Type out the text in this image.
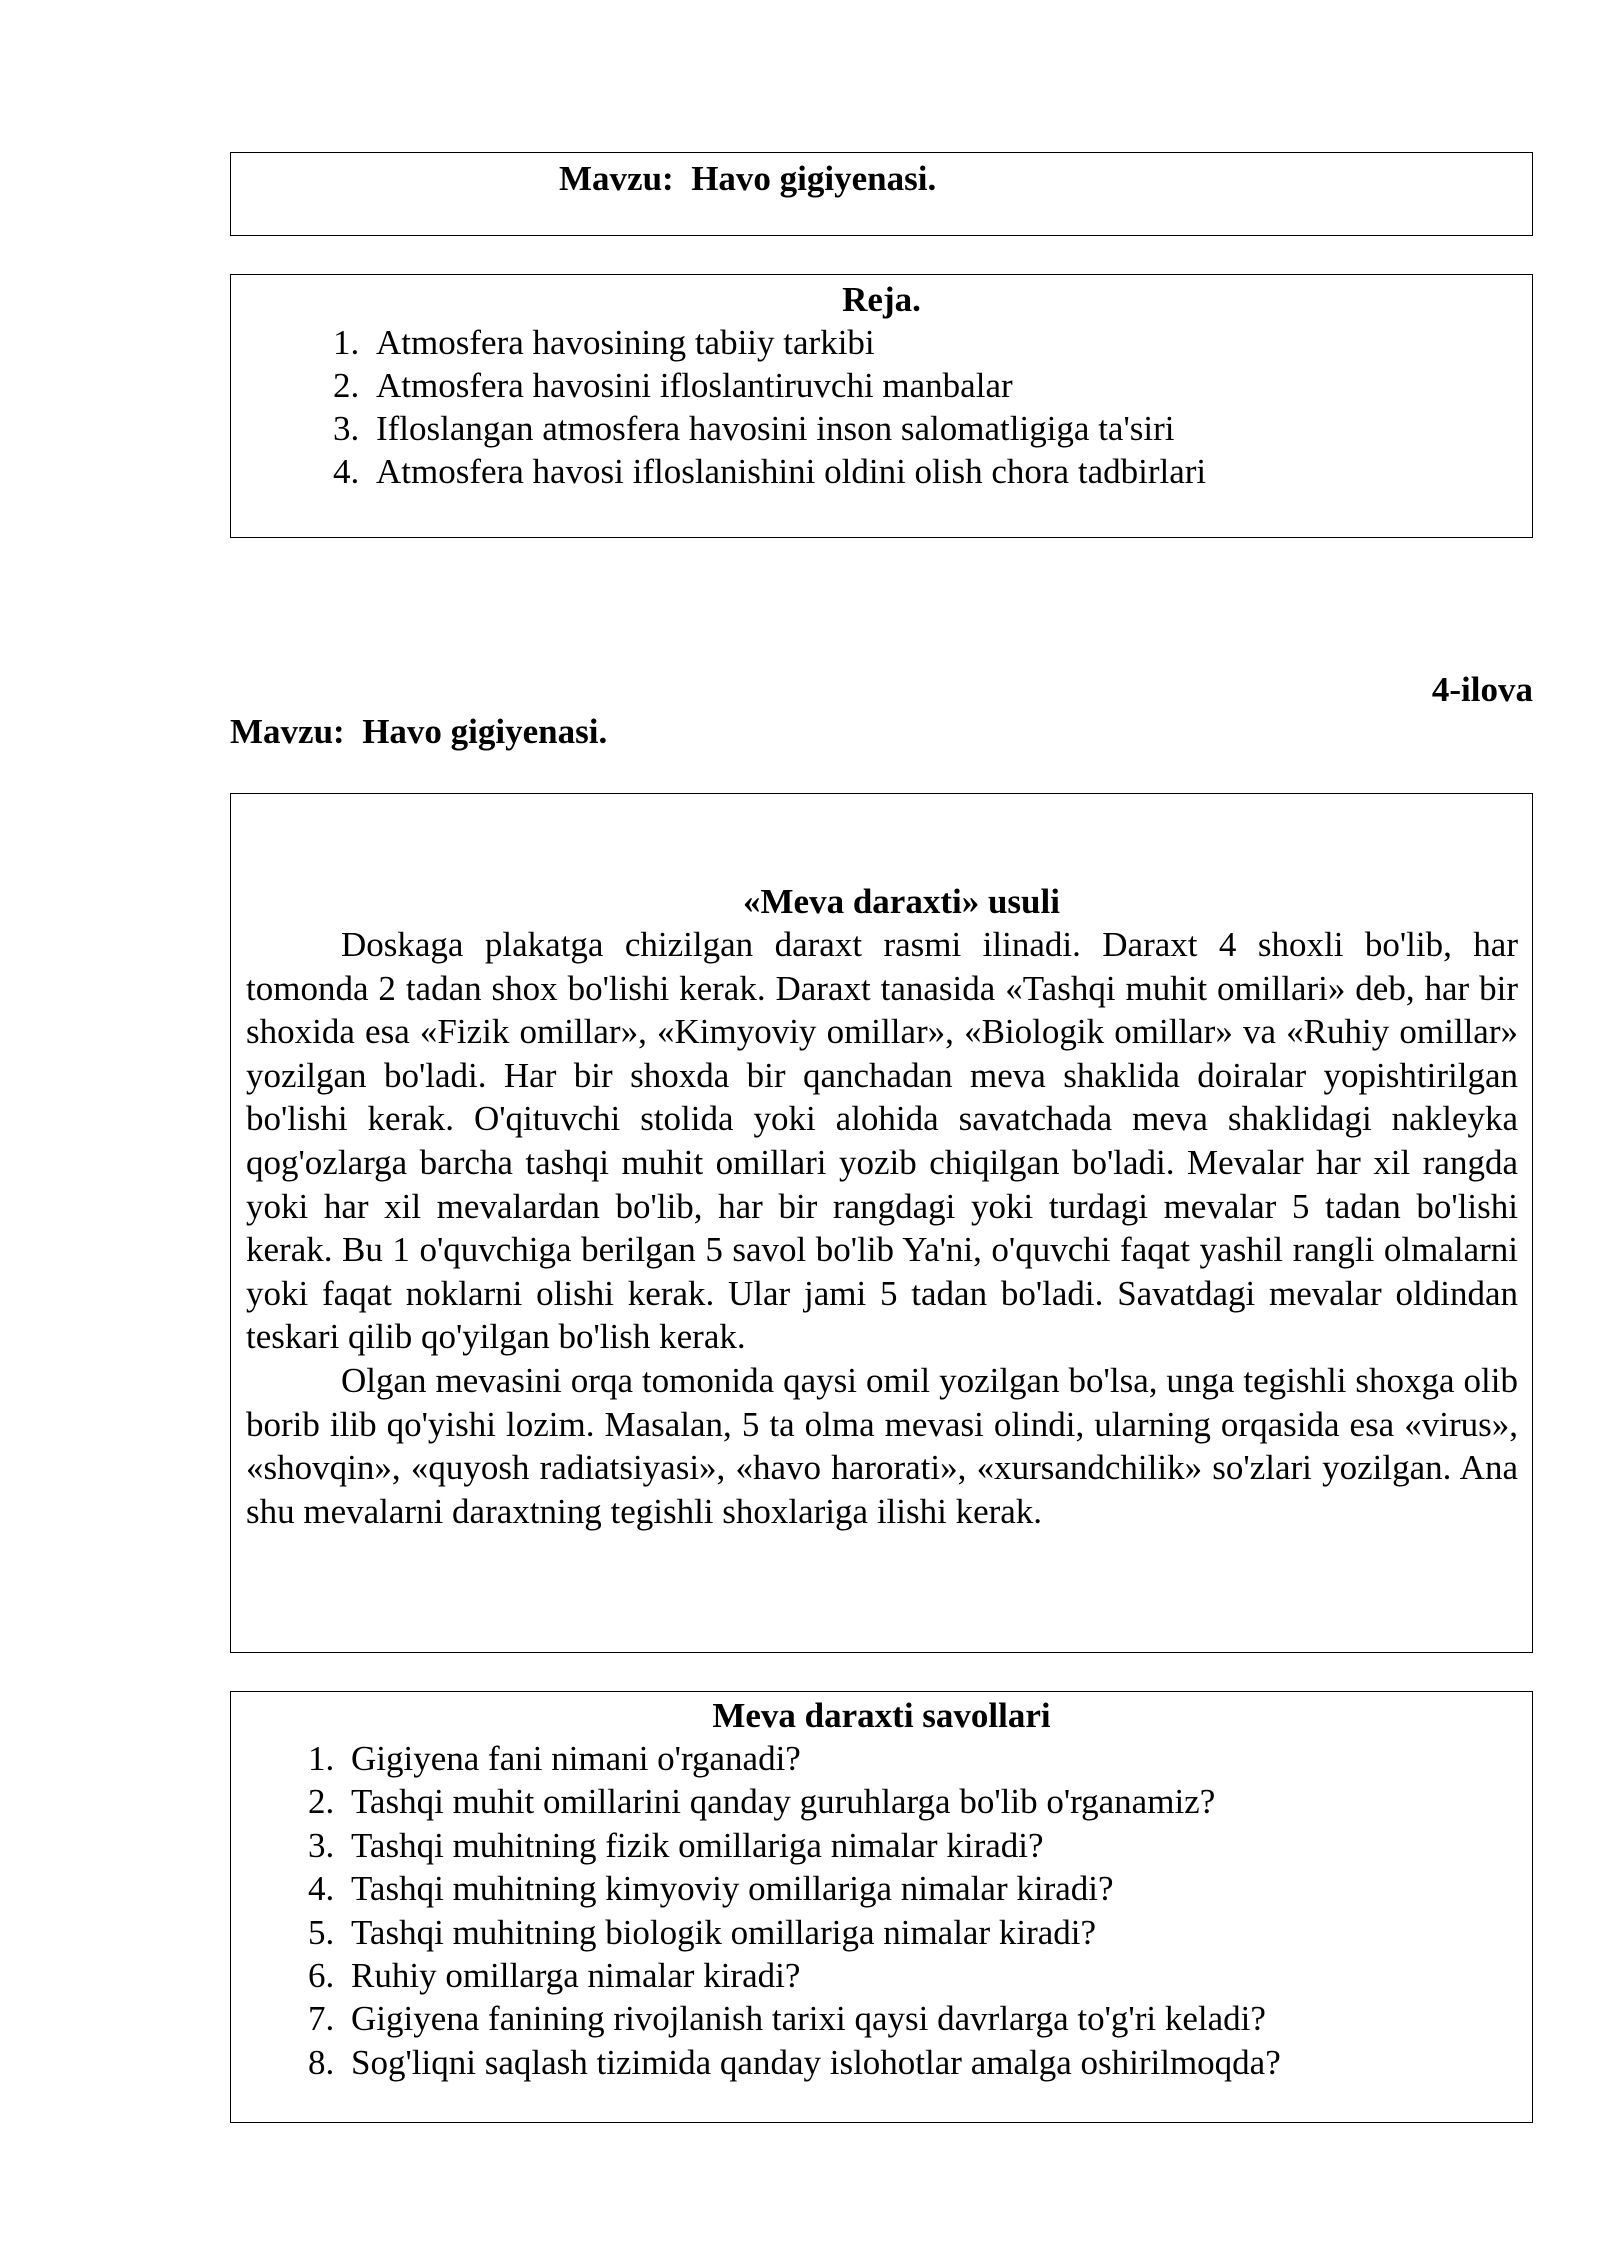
Mavzu:  Havo gigiyenasi.
Reja.
1. Atmosfera havosining tabiiy tarkibi
2. Atmosfera havosini ifloslantiruvchi manbalar
3. Ifloslangan atmosfera havosini inson salomatligiga ta'siri
4. Atmosfera havosi ifloslanishini oldini olish chora tadbirlari
4-ilova
Mavzu:  Havo gigiyenasi.
«Meva daraxti» usuli

Doskaga plakatga chizilgan daraxt rasmi ilinadi. Daraxt 4 shoxli bo'lib, har tomonda 2 tadan shox bo'lishi kerak. Daraxt tanasida «Tashqi muhit omillari» deb, har bir shoxida esa «Fizik omillar», «Kimyoviy omillar», «Biologik omillar» va «Ruhiy omillar» yozilgan bo'ladi. Har bir shoxda bir qanchadan meva shaklida doiralar yopishtirilgan bo'lishi kerak. O'qituvchi stolida yoki alohida savatchada meva shaklidagi nakleyka qog'ozlarga barcha tashqi muhit omillari yozib chiqilgan bo'ladi. Mevalar har xil rangda yoki har xil mevalardan bo'lib, har bir rangdagi yoki turdagi mevalar 5 tadan bo'lishi kerak. Bu 1 o'quvchiga berilgan 5 savol bo'lib Ya'ni, o'quvchi faqat yashil rangli olmalarni yoki faqat noklarni olishi kerak. Ular jami 5 tadan bo'ladi. Savatdagi mevalar oldindan teskari qilib qo'yilgan bo'lish kerak.

Olgan mevasini orqa tomonida qaysi omil yozilgan bo'lsa, unga tegishli shoxga olib borib ilib qo'yishi lozim. Masalan, 5 ta olma mevasi olindi, ularning orqasida esa «virus», «shovqin», «quyosh radiatsiyasi», «havo harorati», «xursandchilik» so'zlari yozilgan. Ana shu mevalarni daraxtning tegishli shoxlariga ilishi kerak.

Meva daraxti savollari
1. Gigiyena fani nimani o'rganadi?
2. Tashqi muhit omillarini qanday guruhlarga bo'lib o'rganamiz?
3. Tashqi muhitning fizik omillariga nimalar kiradi?
4. Tashqi muhitning kimyoviy omillariga nimalar kiradi?
5. Tashqi muhitning biologik omillariga nimalar kiradi?
6. Ruhiy omillarga nimalar kiradi?
7. Gigiyena fanining rivojlanish tarixi qaysi davrlarga to'g'ri keladi?
8. Sog'liqni saqlash tizimida qanday islohotlar amalga oshirilmoqda?
